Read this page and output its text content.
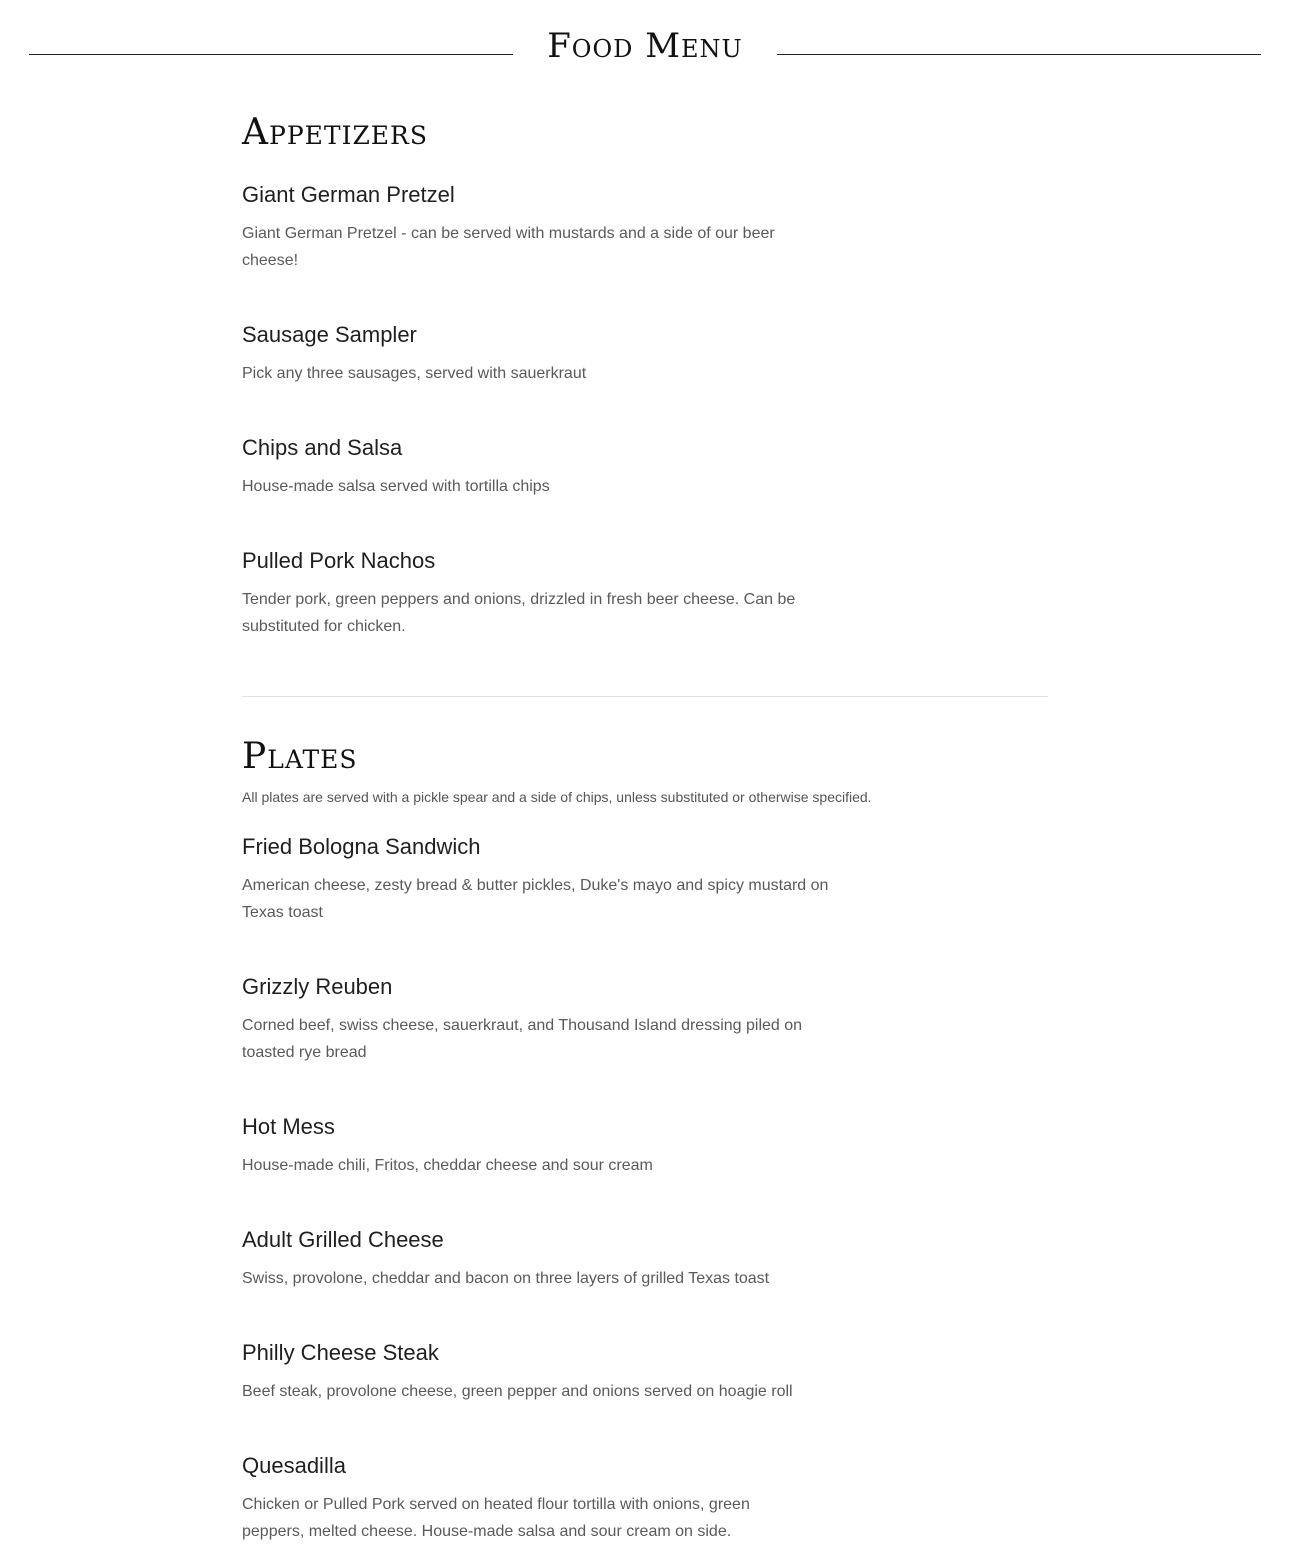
Food Menu
Appetizers
Giant German Pretzel

Giant German Pretzel - can be served with mustards and a side of our beer cheese!

Sausage Sampler

Pick any three sausages, served with sauerkraut

Chips and Salsa

House-made salsa served with tortilla chips

Pulled Pork Nachos

Tender pork, green peppers and onions, drizzled in fresh beer cheese. Can be substituted for chicken.

Plates

All plates are served with a pickle spear and a side of chips, unless substituted or otherwise specified.

Fried Bologna Sandwich

American cheese, zesty bread & butter pickles, Duke's mayo and spicy mustard on Texas toast

Grizzly Reuben

Corned beef, swiss cheese, sauerkraut, and Thousand Island dressing piled on toasted rye bread

Hot Mess

House-made chili, Fritos, cheddar cheese and sour cream

Adult Grilled Cheese

Swiss, provolone, cheddar and bacon on three layers of grilled Texas toast

Philly Cheese Steak

Beef steak, provolone cheese, green pepper and onions served on hoagie roll

Quesadilla

Chicken or Pulled Pork served on heated flour tortilla with onions, green peppers, melted cheese. House-made salsa and sour cream on side.
